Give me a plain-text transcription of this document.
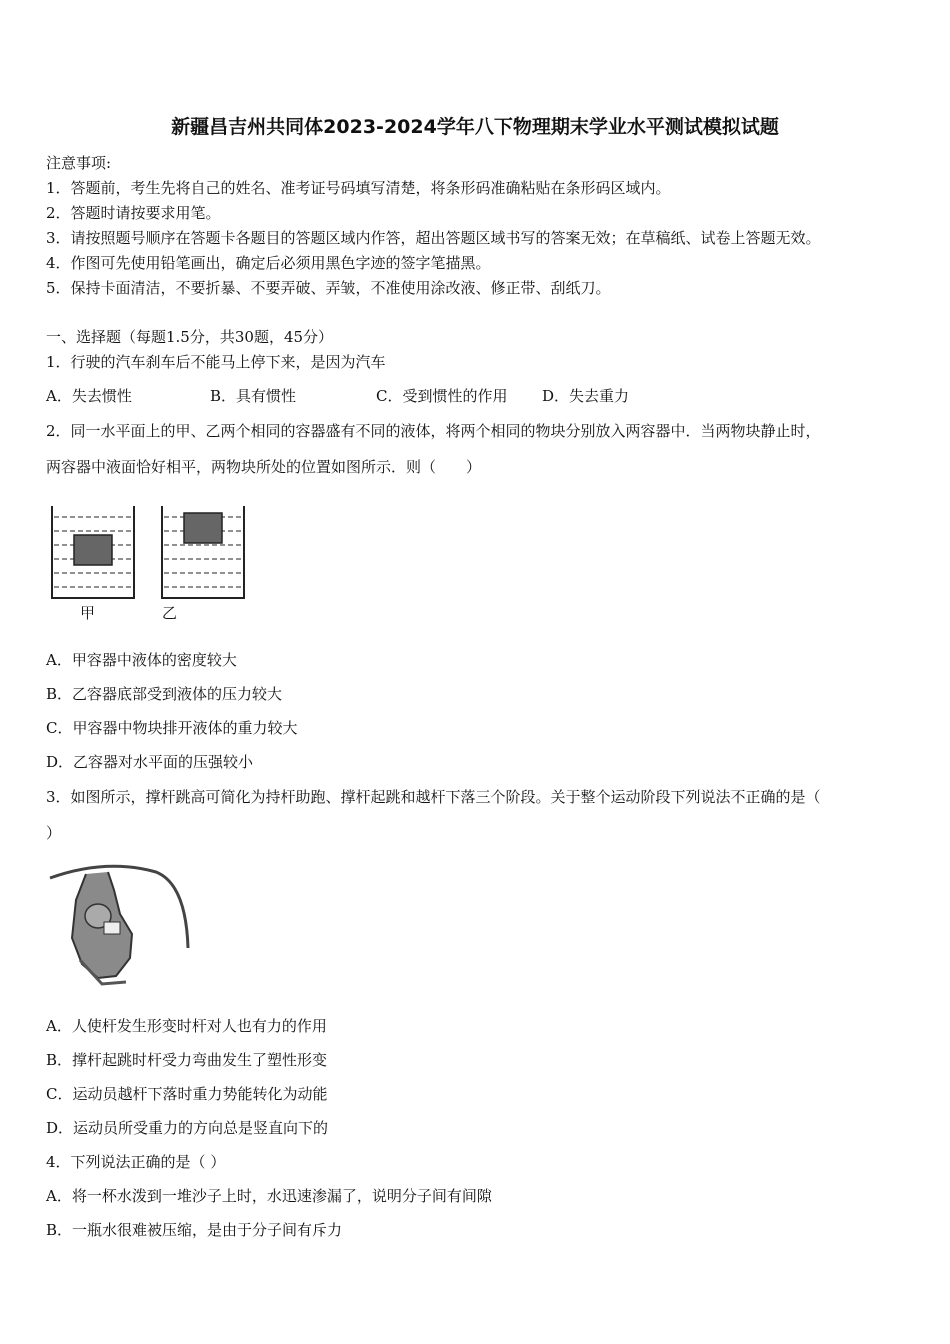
新疆昌吉州共同体2023-2024学年八下物理期末学业水平测试模拟试题
注意事项:
1．答题前，考生先将自己的姓名、准考证号码填写清楚，将条形码准确粘贴在条形码区域内。
2．答题时请按要求用笔。
3．请按照题号顺序在答题卡各题目的答题区域内作答，超出答题区域书写的答案无效；在草稿纸、试卷上答题无效。
4．作图可先使用铅笔画出，确定后必须用黑色字迹的签字笔描黑。
5．保持卡面清洁，不要折暴、不要弄破、弄皱，不准使用涂改液、修正带、刮纸刀。
一、选择题（每题1.5分，共30题，45分）
1．行驶的汽车刹车后不能马上停下来，是因为汽车
A．失去惯性	B．具有惯性	C．受到惯性的作用 D．失去重力
2．同一水平面上的甲、乙两个相同的容器盛有不同的液体，将两个相同的物块分别放入两容器中．当两物块静止时，
两容器中液面恰好相平，两物块所处的位置如图所示．则（　　）
甲	乙
A．甲容器中液体的密度较大
B．乙容器底部受到液体的压力较大
C．甲容器中物块排开液体的重力较大
D．乙容器对水平面的压强较小
3．如图所示，撑杆跳高可简化为持杆助跑、撑杆起跳和越杆下落三个阶段。关于整个运动阶段下列说法不正确的是（
）
A．人使杆发生形变时杆对人也有力的作用
B．撑杆起跳时杆受力弯曲发生了塑性形变
C．运动员越杆下落时重力势能转化为动能
D．运动员所受重力的方向总是竖直向下的
4．下列说法正确的是（ ）
A．将一杯水泼到一堆沙子上时，水迅速渗漏了，说明分子间有间隙
B．一瓶水很难被压缩，是由于分子间有斥力
